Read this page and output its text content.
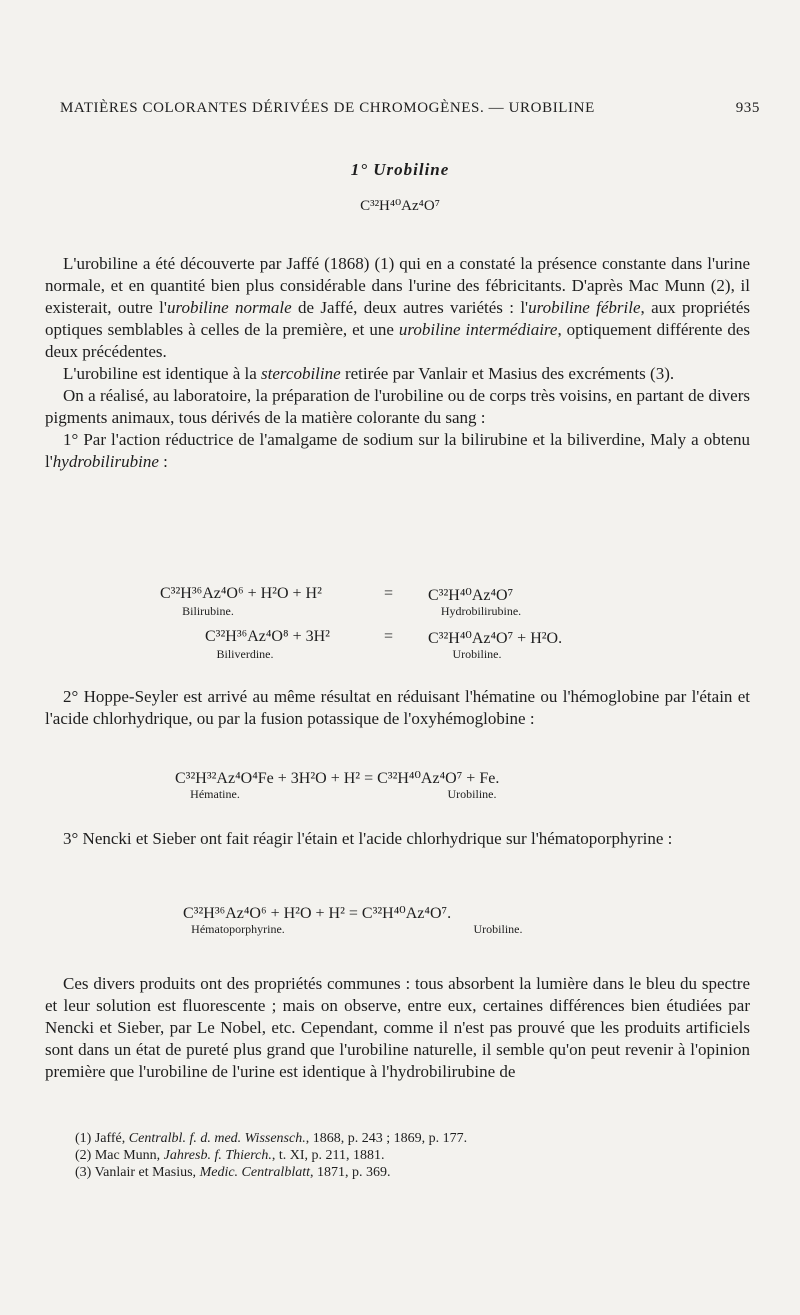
MATIÈRES COLORANTES DÉRIVÉES DE CHROMOGÈNES. — UROBILINE	935
1° Urobiline
C³²H⁴⁰Az⁴O⁷

L'urobiline a été découverte par Jaffé (1868) (1) qui en a constaté la présence constante dans l'urine normale, et en quantité bien plus considérable dans l'urine des fébricitants. D'après Mac Munn (2), il existerait, outre l'urobiline normale de Jaffé, deux autres variétés : l'urobiline fébrile, aux propriétés optiques semblables à celles de la première, et une urobiline intermédiaire, optiquement différente des deux précédentes.

L'urobiline est identique à la stercobiline retirée par Vanlair et Masius des excréments (3).

On a réalisé, au laboratoire, la préparation de l'urobiline ou de corps très voisins, en partant de divers pigments animaux, tous dérivés de la matière colorante du sang :

1° Par l'action réductrice de l'amalgame de sodium sur la bilirubine et la biliverdine, Maly a obtenu l'hydrobilirubine :

C³²H³⁶Az⁴O⁶ + H²O + H²	= C³²H⁴⁰Az⁴O⁷
Bilirubine.	Hydrobilirubine.
C³²H³⁶Az⁴O⁸ + 3H²	= C³²H⁴⁰Az⁴O⁷ + H²O.
Biliverdine.	Urobiline.

2° Hoppe-Seyler est arrivé au même résultat en réduisant l'hématine ou l'hémoglobine par l'étain et l'acide chlorhydrique, ou par la fusion potassique de l'oxyhémoglobine :

C³²H³²Az⁴O⁴Fe + 3H²O + H² = C³²H⁴⁰Az⁴O⁷ + Fe.
Hématine.	Urobiline.

3° Nencki et Sieber ont fait réagir l'étain et l'acide chlorhydrique sur l'hématoporphyrine :

C³²H³⁶Az⁴O⁶ + H²O + H² = C³²H⁴⁰Az⁴O⁷.
Hématoporphyrine.	Urobiline.

Ces divers produits ont des propriétés communes : tous absorbent la lumière dans le bleu du spectre et leur solution est fluorescente ; mais on observe, entre eux, certaines différences bien étudiées par Nencki et Sieber, par Le Nobel, etc. Cependant, comme il n'est pas prouvé que les produits artificiels sont dans un état de pureté plus grand que l'urobiline naturelle, il semble qu'on peut revenir à l'opinion première que l'urobiline de l'urine est identique à l'hydrobilirubine de

(1) Jaffé, Centralbl. f. d. med. Wissensch., 1868, p. 243 ; 1869, p. 177.
(2) Mac Munn, Jahresb. f. Thierch., t. XI, p. 211, 1881.
(3) Vanlair et Masius, Medic. Centralblatt, 1871, p. 369.
